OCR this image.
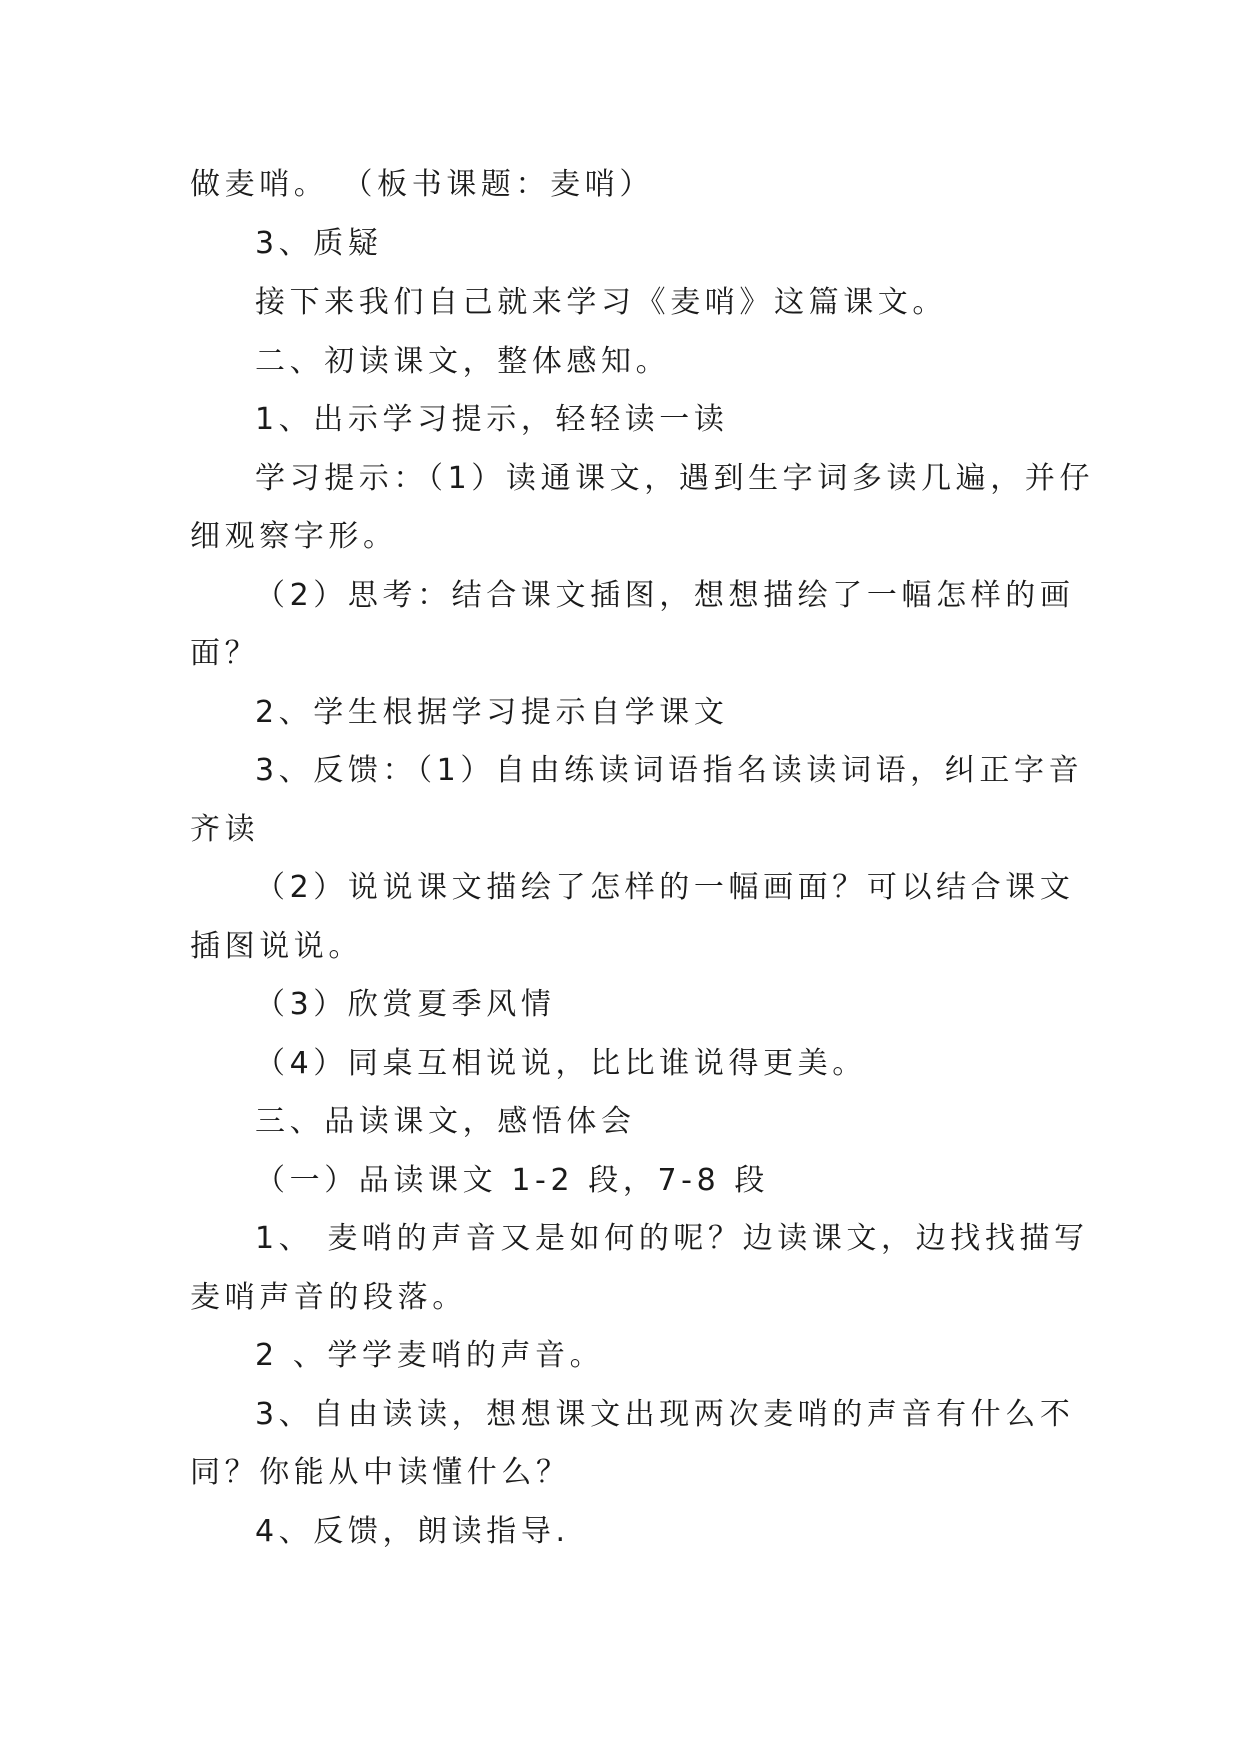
做麦哨。 （板书课题：麦哨）
3、质疑
接下来我们自己就来学习《麦哨》这篇课文。
二、初读课文，整体感知。
1、出示学习提示，轻轻读一读
学习提示：（1）读通课文，遇到生字词多读几遍，并仔
细观察字形。
（2）思考：结合课文插图，想想描绘了一幅怎样的画
面？
2、学生根据学习提示自学课文
3、反馈：（1）自由练读词语指名读读词语，纠正字音
齐读
（2）说说课文描绘了怎样的一幅画面？可以结合课文
插图说说。
（3）欣赏夏季风情
（4）同桌互相说说，比比谁说得更美。
三、品读课文，感悟体会
（一）品读课文 1-2 段，7-8 段
1、 麦哨的声音又是如何的呢？边读课文，边找找描写
麦哨声音的段落。
2 、学学麦哨的声音。
3、自由读读，想想课文出现两次麦哨的声音有什么不
同？你能从中读懂什么？
4、反馈，朗读指导.
